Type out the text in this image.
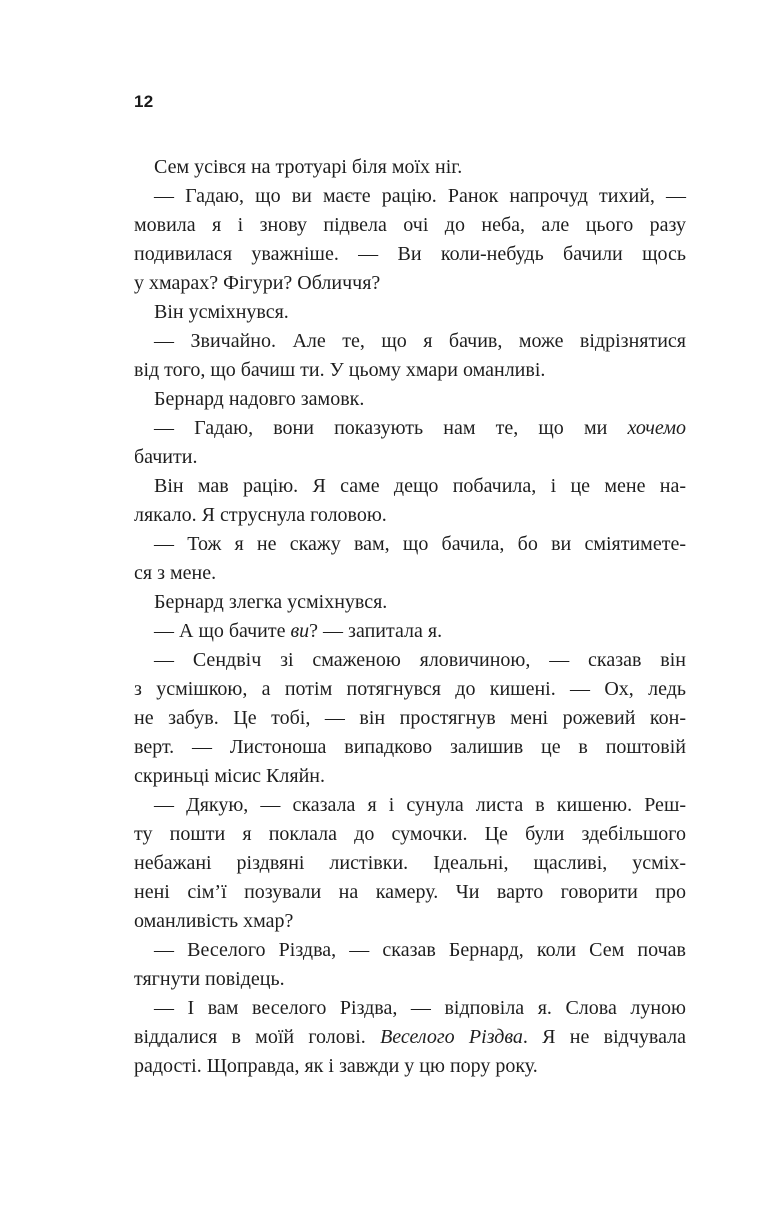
12
Сем усівся на тротуарі біля моїх ніг.
— Гадаю, що ви маєте рацію. Ранок напрочуд тихий, —
мовила я і знову підвела очі до неба, але цього разу
подивилася уважніше. — Ви коли-небудь бачили щось
у хмарах? Фігури? Обличчя?
Він усміхнувся.
— Звичайно. Але те, що я бачив, може відрізнятися
від того, що бачиш ти. У цьому хмари оманливі.
Бернард надовго замовк.
— Гадаю, вони показують нам те, що ми хочемо
бачити.
Він мав рацію. Я саме дещо побачила, і це мене на-
лякало. Я струснула головою.
— Тож я не скажу вам, що бачила, бо ви сміятимете-
ся з мене.
Бернард злегка усміхнувся.
— А що бачите ви? — запитала я.
— Сендвіч зі смаженою яловичиною, — сказав він
з усмішкою, а потім потягнувся до кишені. — Ох, ледь
не забув. Це тобі, — він простягнув мені рожевий кон-
верт. — Листоноша випадково залишив це в поштовій
скриньці місис Кляйн.
— Дякую, — сказала я і сунула листа в кишеню. Реш-
ту пошти я поклала до сумочки. Це були здебільшого
небажані різдвяні листівки. Ідеальні, щасливі, усміх-
нені сім’ї позували на камеру. Чи варто говорити про
оманливість хмар?
— Веселого Різдва, — сказав Бернард, коли Сем почав
тягнути повідець.
— І вам веселого Різдва, — відповіла я. Слова луною
віддалися в моїй голові. Веселого Різдва. Я не відчувала
радості. Щоправда, як і завжди у цю пору року.
